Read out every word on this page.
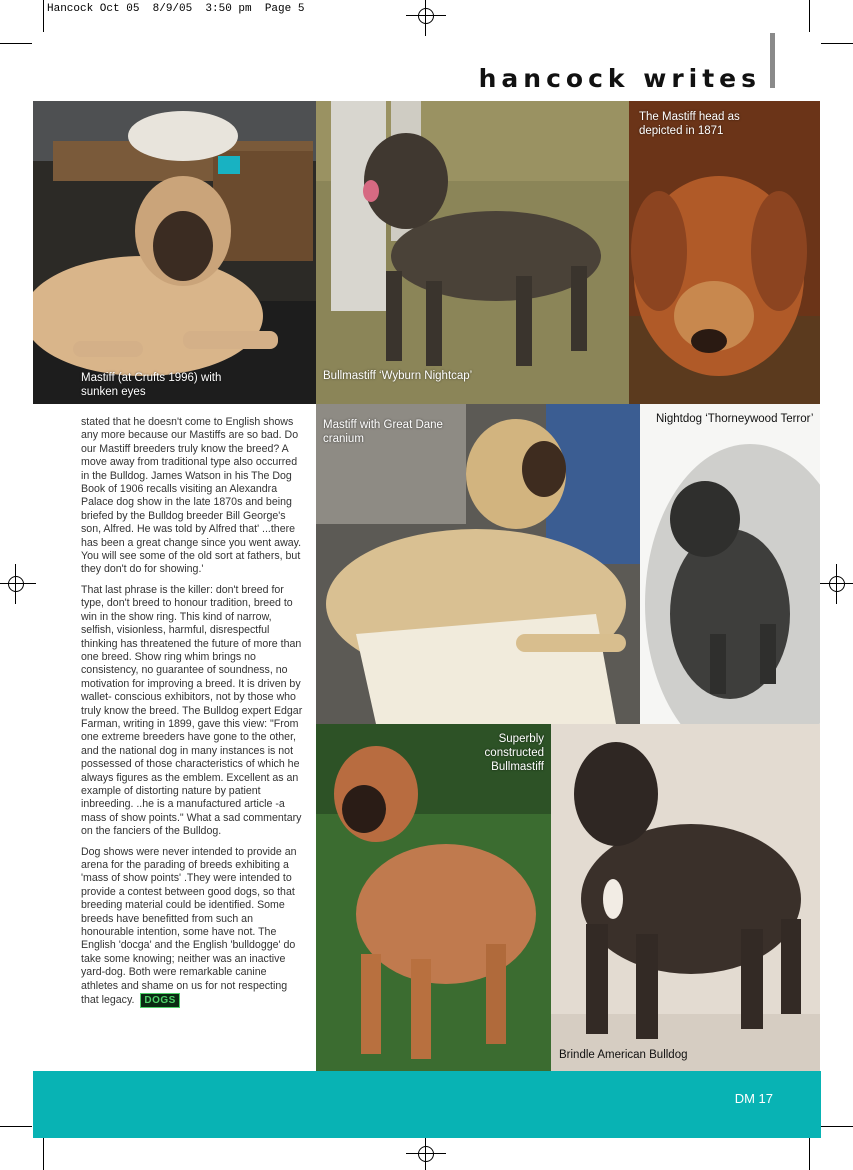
Hancock Oct 05  8/9/05  3:50 pm  Page 5
hancock writes
Mastiff (at Crufts 1996) with sunken eyes
Bullmastiff ‘Wyburn Nightcap’
The Mastiff head as depicted in 1871

stated that he doesn't come to English shows any more because our Mastiffs are so bad. Do our Mastiff breeders truly know the breed? A move away from traditional type also occurred in the Bulldog. James Watson in his The Dog Book of 1906 recalls visiting an Alexandra Palace dog show in the late 1870s and being briefed by the Bulldog breeder Bill George's son, Alfred. He was told by Alfred that' ...there has been a great change since you went away. You will see some of the old sort at fathers, but they don't do for showing.'

That last phrase is the killer: don't breed for type, don't breed to honour tradition, breed to win in the show ring. This kind of narrow, selfish, visionless, harmful, disrespectful thinking has threatened the future of more than one breed. Show ring whim brings no consistency, no guarantee of soundness, no motivation for improving a breed. It is driven by wallet- conscious exhibitors, not by those who truly know the breed. The Bulldog expert Edgar Farman, writing in 1899, gave this view: "From one extreme breeders have gone to the other, and the national dog in many instances is not possessed of those characteristics of which he always figures as the emblem. Excellent as an example of distorting nature by patient inbreeding. ..he is a manufactured article -a mass of show points." What a sad commentary on the fanciers of the Bulldog.

Dog shows were never intended to provide an arena for the parading of breeds exhibiting a 'mass of show points' .They were intended to provide a contest between good dogs, so that breeding material could be identified. Some breeds have benefitted from such an honourable intention, some have not. The English 'docga' and the English 'bulldogge' do take some knowing; neither was an inactive yard-dog. Both were remarkable canine athletes and shame on us for not respecting that legacy. DOGS

Mastiff with Great Dane cranium
Nightdog ‘Thorneywood Terror’
Superbly constructed Bullmastiff
Brindle American Bulldog
DM 17
